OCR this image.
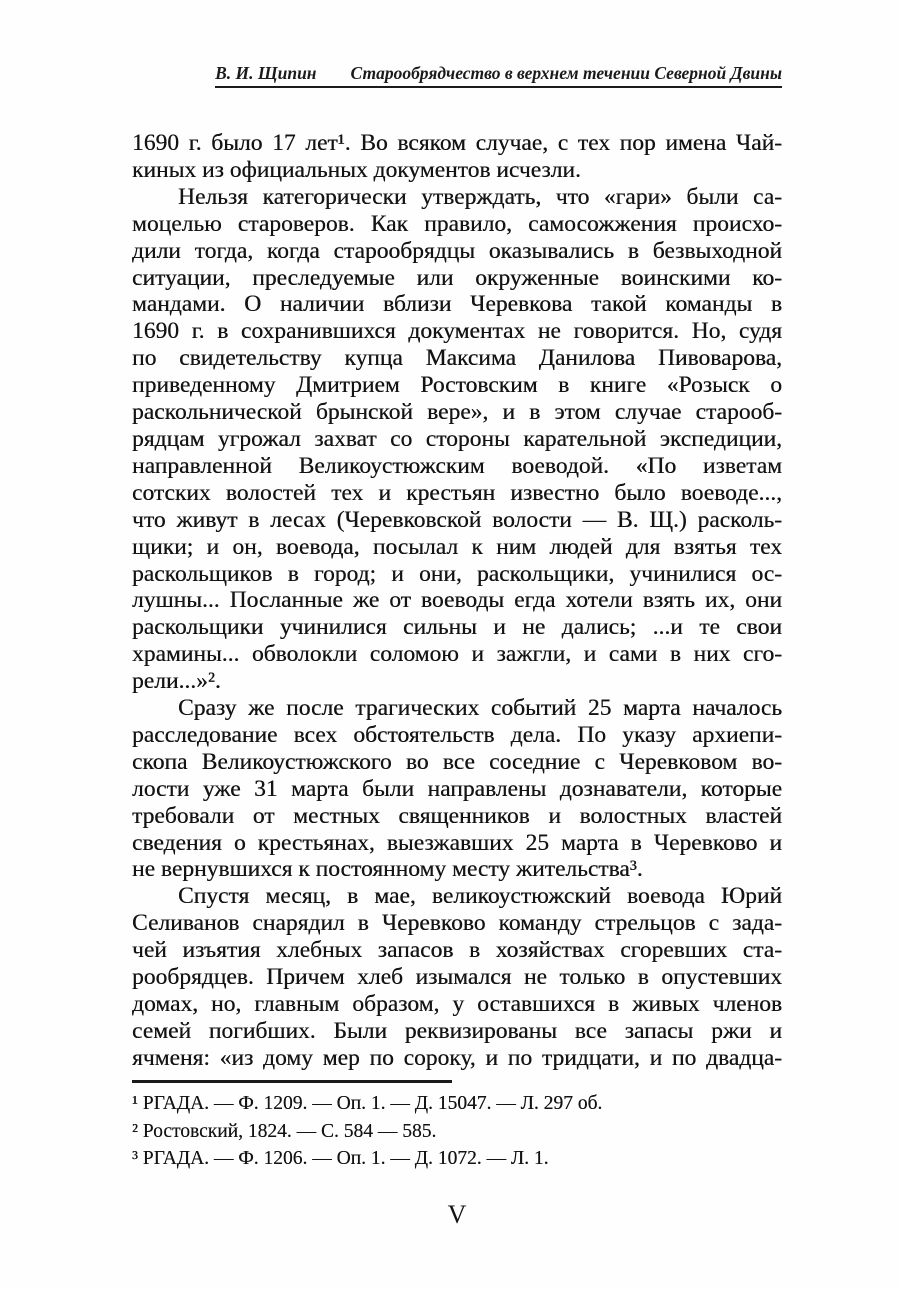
В. И. Щипин Старообрядчество в верхнем течении Северной Двины
1690 г. было 17 лет¹. Во всяком случае, с тех пор имена Чай-
киных из официальных документов исчезли.
Нельзя категорически утверждать, что «гари» были са-
моцелью староверов. Как правило, самосожжения происхо-
дили тогда, когда старообрядцы оказывались в безвыходной
ситуации, преследуемые или окруженные воинскими ко-
мандами. О наличии вблизи Черевкова такой команды в
1690 г. в сохранившихся документах не говорится. Но, судя
по свидетельству купца Максима Данилова Пивоварова,
приведенному Дмитрием Ростовским в книге «Розыск о
раскольнической брынской вере», и в этом случае старооб-
рядцам угрожал захват со стороны карательной экспедиции,
направленной Великоустюжским воеводой. «По изветам
сотских волостей тех и крестьян известно было воеводе...,
что живут в лесах (Черевковской волости — В. Щ.) расколь-
щики; и он, воевода, посылал к ним людей для взятья тех
раскольщиков в город; и они, раскольщики, учинилися ос-
лушны... Посланные же от воеводы егда хотели взять их, они
раскольщики учинилися сильны и не дались; ...и те свои
храмины... обволокли соломою и зажгли, и сами в них сго-
рели...»².
Сразу же после трагических событий 25 марта началось
расследование всех обстоятельств дела. По указу архиепи-
скопа Великоустюжского во все соседние с Черевковом во-
лости уже 31 марта были направлены дознаватели, которые
требовали от местных священников и волостных властей
сведения о крестьянах, выезжавших 25 марта в Черевково и
не вернувшихся к постоянному месту жительства³.
Спустя месяц, в мае, великоустюжский воевода Юрий
Селиванов снарядил в Черевково команду стрельцов с зада-
чей изъятия хлебных запасов в хозяйствах сгоревших ста-
рообрядцев. Причем хлеб изымался не только в опустевших
домах, но, главным образом, у оставшихся в живых членов
семей погибших. Были реквизированы все запасы ржи и
ячменя: «из дому мер по сороку, и по тридцати, и по двадца-
¹ РГАДА. — Ф. 1209. — Оп. 1. — Д. 15047. — Л. 297 об.
² Ростовский, 1824. — С. 584 — 585.
³ РГАДА. — Ф. 1206. — Оп. 1. — Д. 1072. — Л. 1.
V
